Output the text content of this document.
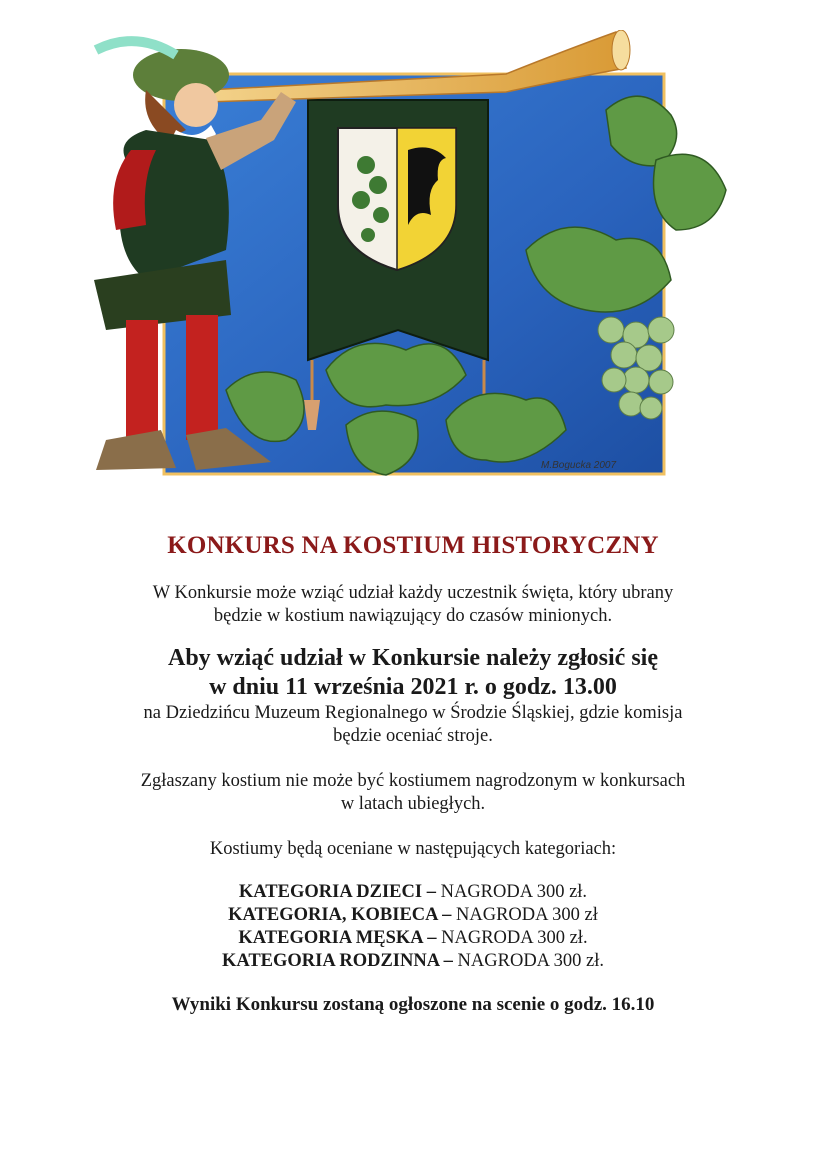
M.Bogucka 2007
KONKURS NA KOSTIUM HISTORYCZNY

W Konkursie może wziąć udział każdy uczestnik święta, który ubrany

będzie w kostium nawiązujący do czasów minionych.

Aby wziąć udział w Konkursie należy zgłosić się

w dniu 11 września 2021 r. o godz. 13.00

na Dziedzińcu Muzeum Regionalnego w Środzie Śląskiej, gdzie komisja

będzie oceniać stroje.

Zgłaszany kostium nie może być kostiumem nagrodzonym w konkursach

w latach ubiegłych.

Kostiumy będą oceniane w następujących kategoriach:

KATEGORIA DZIECI – NAGRODA 300 zł.

KATEGORIA, KOBIECA – NAGRODA 300 zł

KATEGORIA MĘSKA – NAGRODA 300 zł.

KATEGORIA RODZINNA – NAGRODA 300 zł.

Wyniki Konkursu zostaną ogłoszone na scenie o godz. 16.10
